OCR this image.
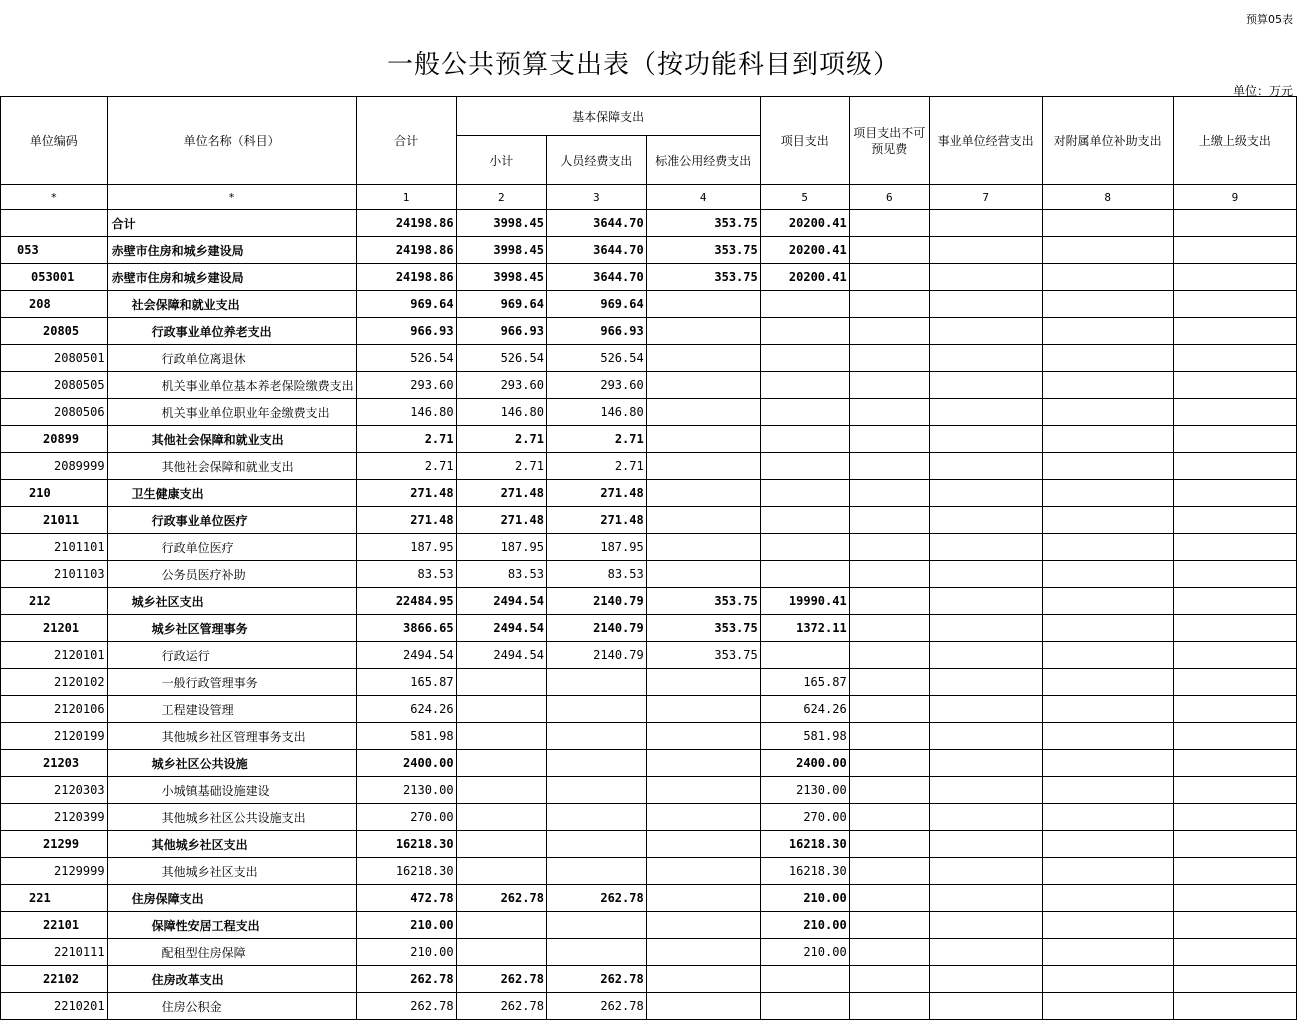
预算05表
一般公共预算支出表（按功能科目到项级）
单位：万元
单位编码	单位名称（科目）	合计	基本保障支出			项目支出	项目支出不可预见费	事业单位经营支出	对附属单位补助支出	上缴上级支出
			小计	人员经费支出	标准公用经费支出					
*	*	1	2	3	4	5	6	7	8	9
	合计	24198.86	3998.45	3644.70	353.75	20200.41				
053	赤壁市住房和城乡建设局	24198.86	3998.45	3644.70	353.75	20200.41				
053001	赤壁市住房和城乡建设局	24198.86	3998.45	3644.70	353.75	20200.41				
208	社会保障和就业支出	969.64	969.64	969.64						
20805	行政事业单位养老支出	966.93	966.93	966.93						
2080501	行政单位离退休	526.54	526.54	526.54						
2080505	机关事业单位基本养老保险缴费支出	293.60	293.60	293.60						
2080506	机关事业单位职业年金缴费支出	146.80	146.80	146.80						
20899	其他社会保障和就业支出	2.71	2.71	2.71						
2089999	其他社会保障和就业支出	2.71	2.71	2.71						
210	卫生健康支出	271.48	271.48	271.48						
21011	行政事业单位医疗	271.48	271.48	271.48						
2101101	行政单位医疗	187.95	187.95	187.95						
2101103	公务员医疗补助	83.53	83.53	83.53						
212	城乡社区支出	22484.95	2494.54	2140.79	353.75	19990.41				
21201	城乡社区管理事务	3866.65	2494.54	2140.79	353.75	1372.11				
2120101	行政运行	2494.54	2494.54	2140.79	353.75					
2120102	一般行政管理事务	165.87				165.87				
2120106	工程建设管理	624.26				624.26				
2120199	其他城乡社区管理事务支出	581.98				581.98				
21203	城乡社区公共设施	2400.00				2400.00				
2120303	小城镇基础设施建设	2130.00				2130.00				
2120399	其他城乡社区公共设施支出	270.00				270.00				
21299	其他城乡社区支出	16218.30				16218.30				
2129999	其他城乡社区支出	16218.30				16218.30				
221	住房保障支出	472.78	262.78	262.78		210.00				
22101	保障性安居工程支出	210.00				210.00				
2210111	配租型住房保障	210.00				210.00				
22102	住房改革支出	262.78	262.78	262.78						
2210201	住房公积金	262.78	262.78	262.78						
